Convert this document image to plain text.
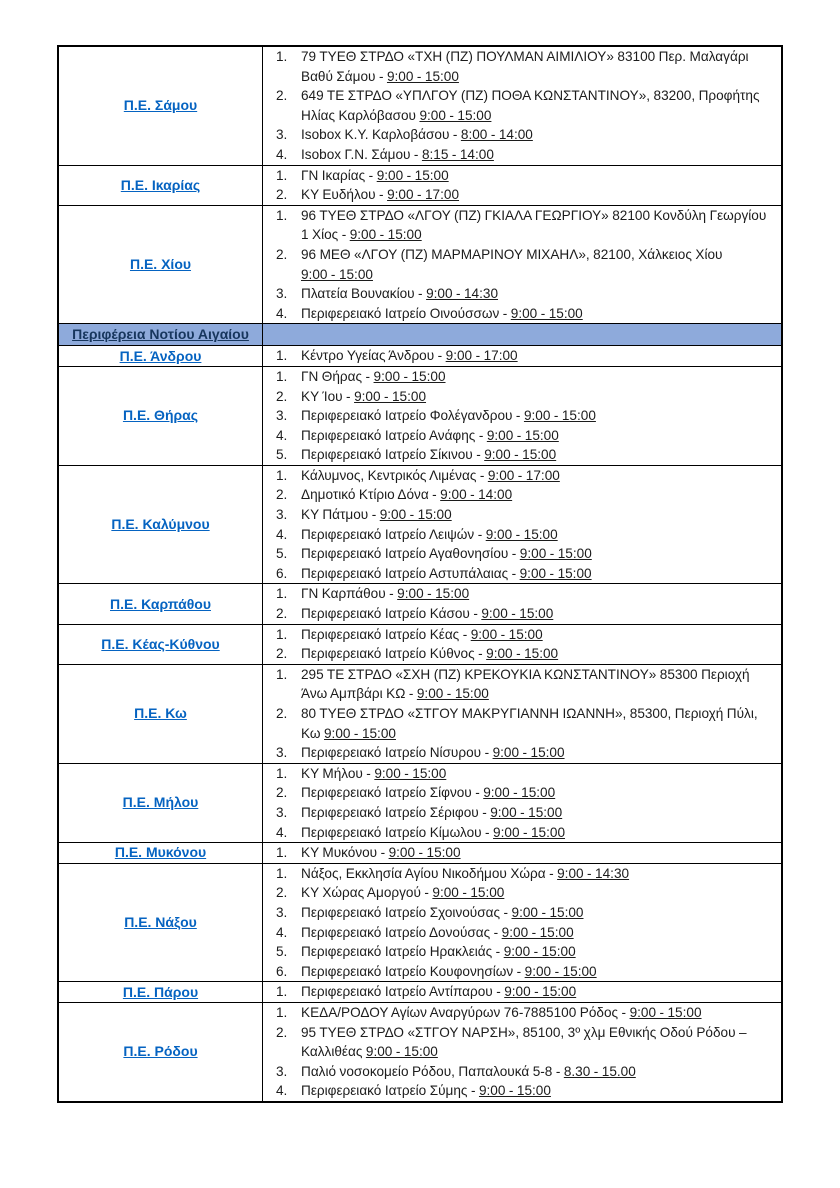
Π.Ε. Σάμου	
1.	79 ΤΥΕΘ ΣΤΡΔΟ «ΤΧΗ (ΠΖ) ΠΟΥΛΜΑΝ ΑΙΜΙΛΙΟΥ» 83100 Περ. Μαλαγάρι Βαθύ Σάμου - 9:00 - 15:00
2.	649 ΤΕ ΣΤΡΔΟ «ΥΠΛΓΟΥ (ΠΖ) ΠΟΘΑ ΚΩΝΣΤΑΝΤΙΝΟΥ», 83200, Προφήτης Ηλίας Καρλόβασου 9:00 - 15:00
3.	Isobox Κ.Υ. Καρλοβάσου - 8:00 - 14:00
4.	Isobox Γ.Ν. Σάμου - 8:15 - 14:00

Π.Ε. Ικαρίας	1. ΓΝ Ικαρίας - 9:00 - 15:00
2. ΚΥ Ευδήλου - 9:00 - 17:00

Π.Ε. Χίου	
1.	96 ΤΥΕΘ ΣΤΡΔΟ «ΛΓΟΥ (ΠΖ) ΓΚΙΑΛΑ ΓΕΩΡΓΙΟΥ» 82100 Κονδύλη Γεωργίου 1 Χίος - 9:00 - 15:00
2.	96 ΜΕΘ «ΛΓΟΥ (ΠΖ) ΜΑΡΜΑΡΙΝΟΥ ΜΙΧΑΗΛ», 82100, Χάλκειος Χίου 9:00 - 15:00
3.	Πλατεία Βουνακίου - 9:00 - 14:30
4.	Περιφερειακό Ιατρείο Οινούσσων - 9:00 - 15:00

Περιφέρεια Νοτίου Αιγαίου	

Π.Ε. Άνδρου	1. Κέντρο Υγείας Άνδρου - 9:00 - 17:00

Π.Ε. Θήρας	
1.	ΓΝ Θήρας - 9:00 - 15:00
2.	ΚΥ Ίου - 9:00 - 15:00
3.	Περιφερειακό Ιατρείο Φολέγανδρου - 9:00 - 15:00
4.	Περιφερειακό Ιατρείο Ανάφης - 9:00 - 15:00
5.	Περιφερειακό Ιατρείο Σίκινου - 9:00 - 15:00

Π.Ε. Καλύμνου	
1.	Κάλυμνος, Κεντρικός Λιμένας - 9:00 - 17:00
2.	Δημοτικό Κτίριο Δόνα - 9:00 - 14:00
3.	ΚΥ Πάτμου - 9:00 - 15:00
4.	Περιφερειακό Ιατρείο Λειψών - 9:00 - 15:00
5.	Περιφερειακό Ιατρείο Αγαθονησίου - 9:00 - 15:00
6.	Περιφερειακό Ιατρείο Αστυπάλαιας - 9:00 - 15:00

Π.Ε. Καρπάθου	1. ΓΝ Καρπάθου - 9:00 - 15:00
2. Περιφερειακό Ιατρείο Κάσου - 9:00 - 15:00

Π.Ε. Κέας-Κύθνου	1. Περιφερειακό Ιατρείο Κέας - 9:00 - 15:00
2. Περιφερειακό Ιατρείο Κύθνος - 9:00 - 15:00

Π.Ε. Κω	
1.	295 ΤΕ ΣΤΡΔΟ «ΣΧΗ (ΠΖ) ΚΡΕΚΟΥΚΙΑ ΚΩΝΣΤΑΝΤΙΝΟΥ» 85300 Περιοχή Άνω Αμπβάρι ΚΩ - 9:00 - 15:00
2.	80 ΤΥΕΘ ΣΤΡΔΟ «ΣΤΓΟΥ ΜΑΚΡΥΓΙΑΝΝΗ ΙΩΑΝΝΗ», 85300, Περιοχή Πύλι, Κω 9:00 - 15:00
3.	Περιφερειακό Ιατρείο Νίσυρου - 9:00 - 15:00

Π.Ε. Μήλου	
1.	ΚΥ Μήλου - 9:00 - 15:00
2.	Περιφερειακό Ιατρείο Σίφνου - 9:00 - 15:00
3.	Περιφερειακό Ιατρείο Σέριφου - 9:00 - 15:00
4.	Περιφερειακό Ιατρείο Κίμωλου - 9:00 - 15:00

Π.Ε. Μυκόνου	1. ΚΥ Μυκόνου - 9:00 - 15:00

Π.Ε. Νάξου	
1.	Νάξος, Εκκλησία Αγίου Νικοδήμου Χώρα - 9:00 - 14:30
2.	ΚΥ Χώρας Αμοργού - 9:00 - 15:00
3.	Περιφερειακό Ιατρείο Σχοινούσας - 9:00 - 15:00
4.	Περιφερειακό Ιατρείο Δονούσας - 9:00 - 15:00
5.	Περιφερειακό Ιατρείο Ηρακλειάς - 9:00 - 15:00
6.	Περιφερειακό Ιατρείο Κουφονησίων - 9:00 - 15:00

Π.Ε. Πάρου	1. Περιφερειακό Ιατρείο Αντίπαρου - 9:00 - 15:00

Π.Ε. Ρόδου	
1.	ΚΕΔΑ/ΡΟΔΟΥ Αγίων Αναργύρων 76-7885100 Ρόδος - 9:00 - 15:00
2.	95 ΤΥΕΘ ΣΤΡΔΟ «ΣΤΓΟΥ ΝΑΡΣΗ», 85100, 3º χλμ Εθνικής Οδού Ρόδου – Καλλιθέας 9:00 - 15:00
3.	Παλιό νοσοκομείο Ρόδου, Παπαλουκά 5-8 - 8.30 - 15.00
4.	Περιφερειακό Ιατρείο Σύμης - 9:00 - 15:00
